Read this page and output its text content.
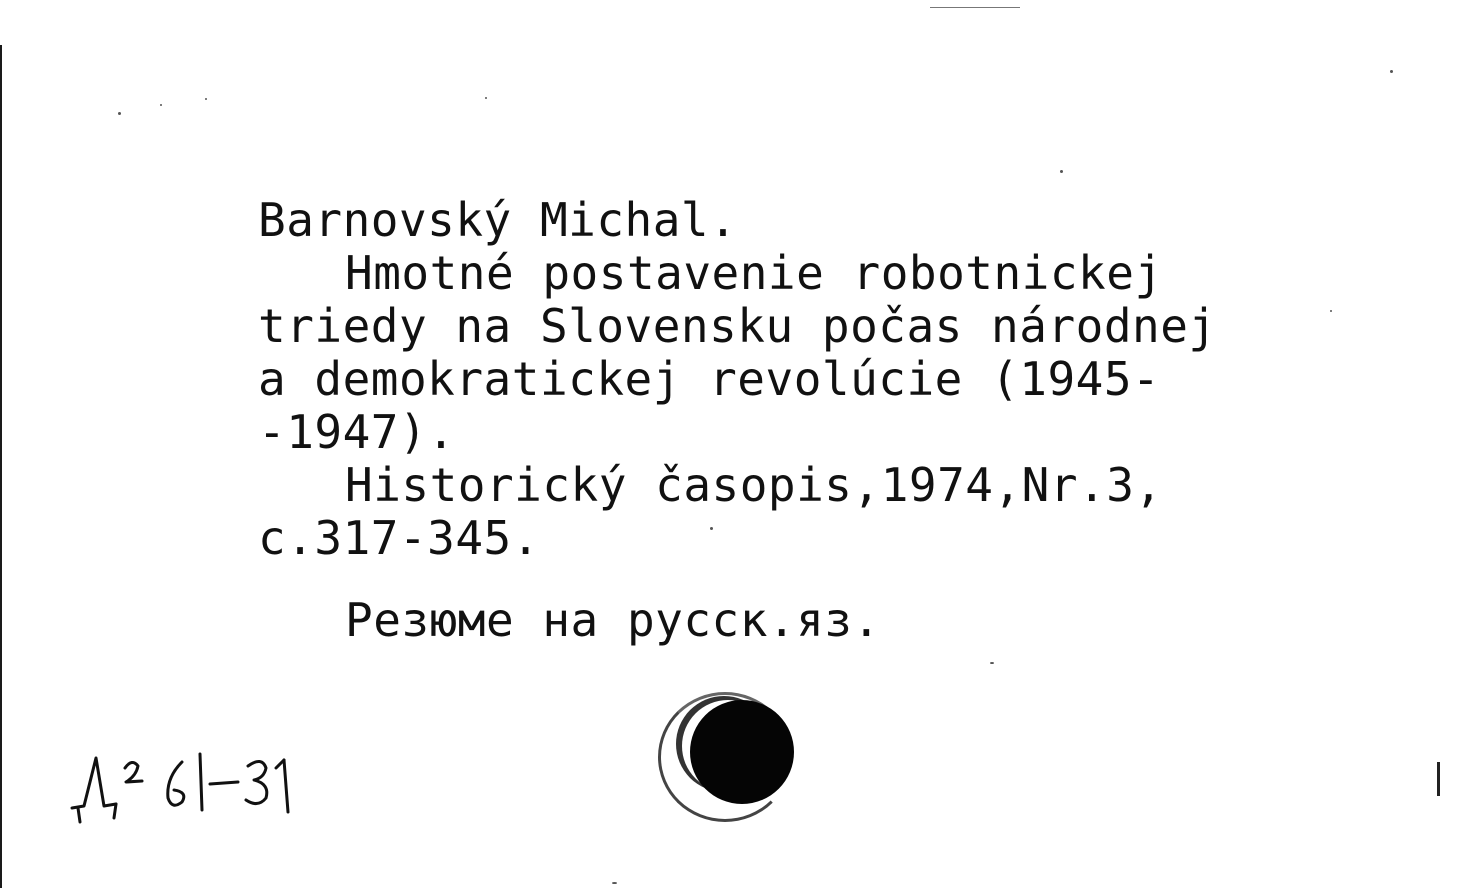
Barnovský Michal.

Hmotné postavenie robotnickej

triedy na Slovensku počas národnej

a demokratickej revolúcie (1945-

-1947).

Historický časopis,1974,Nr.3,

c.317-345.

Резюме на русск.яз.
